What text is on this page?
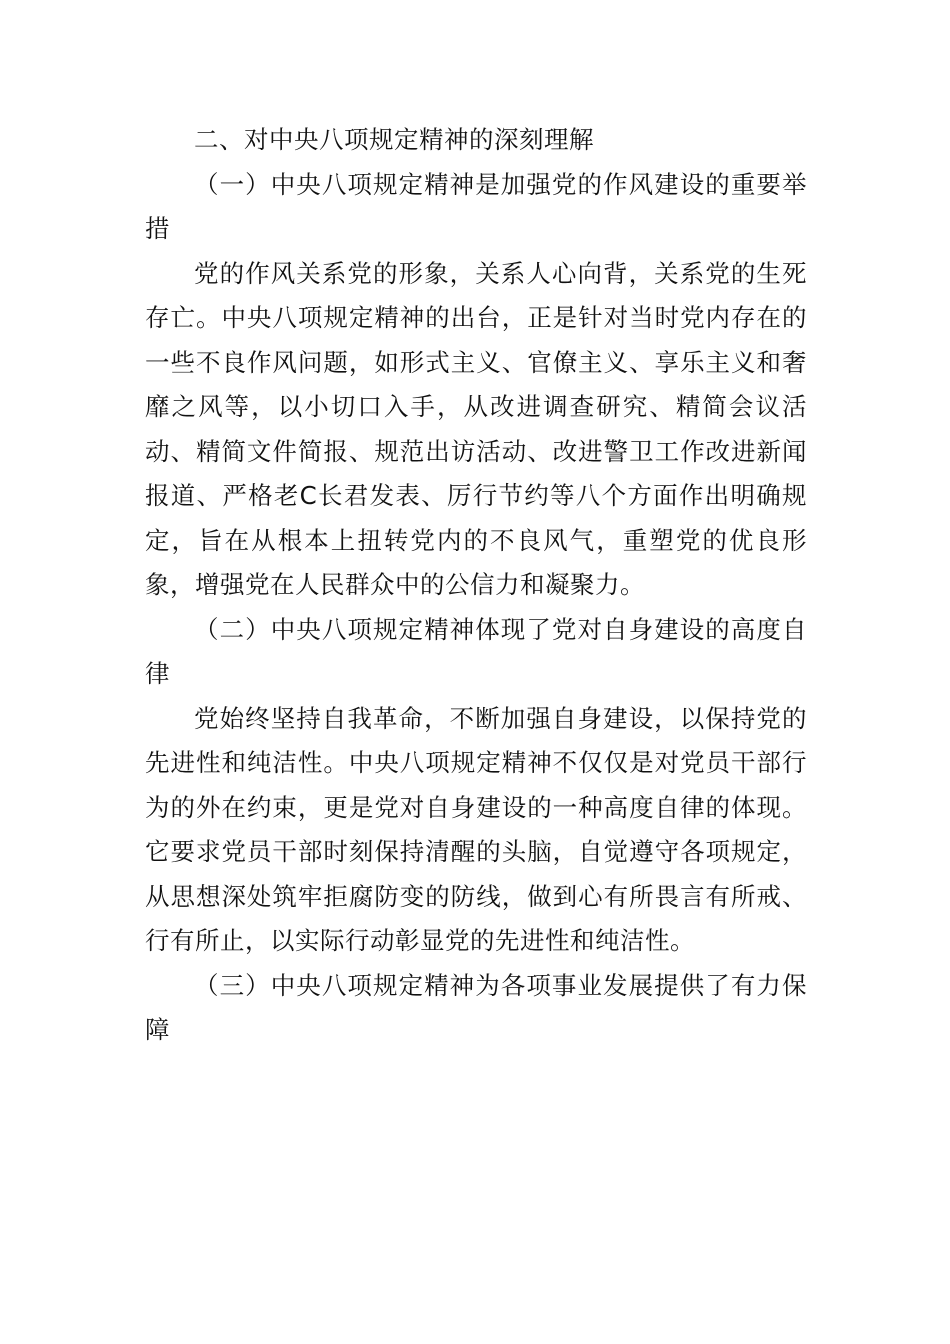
二、对中央八项规定精神的深刻理解

（一）中央八项规定精神是加强党的作风建设的重要举措

党的作风关系党的形象，关系人心向背，关系党的生死存亡。中央八项规定精神的出台，正是针对当时党内存在的一些不良作风问题，如形式主义、官僚主义、享乐主义和奢靡之风等，以小切口入手，从改进调查研究、精简会议活动、精简文件简报、规范出访活动、改进警卫工作改进新闻报道、严格老C长君发表、厉行节约等八个方面作出明确规定，旨在从根本上扭转党内的不良风气，重塑党的优良形象，增强党在人民群众中的公信力和凝聚力。

（二）中央八项规定精神体现了党对自身建设的高度自律

党始终坚持自我革命，不断加强自身建设，以保持党的先进性和纯洁性。中央八项规定精神不仅仅是对党员干部行为的外在约束，更是党对自身建设的一种高度自律的体现。它要求党员干部时刻保持清醒的头脑，自觉遵守各项规定，从思想深处筑牢拒腐防变的防线，做到心有所畏言有所戒、行有所止，以实际行动彰显党的先进性和纯洁性。

（三）中央八项规定精神为各项事业发展提供了有力保障
